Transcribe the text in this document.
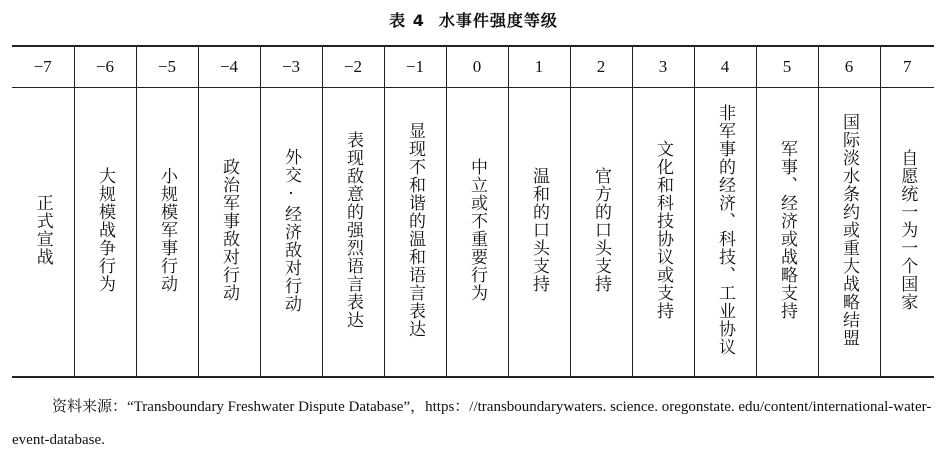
表 4 水事件强度等级
−7	−6	−5	−4	−3	−2	−1	0	1	2	3	4	5	6	7
正式宣战	大规模战争行为	小规模军事行动	政治军事敌对行动	外交·经济敌对行动	表现敌意的强烈语言表达	显现不和谐的温和语言表达	中立或不重要行为	温和的口头支持	官方的口头支持	文化和科技协议或支持	非军事的经济、科技、工业协议	军事、经济或战略支持	国际淡水条约或重大战略结盟	自愿统一为一个国家
资料来源：“Transboundary Freshwater Dispute Database”，https：//transboundarywaters. science. oregonstate. edu/content/international-water-event-database.
